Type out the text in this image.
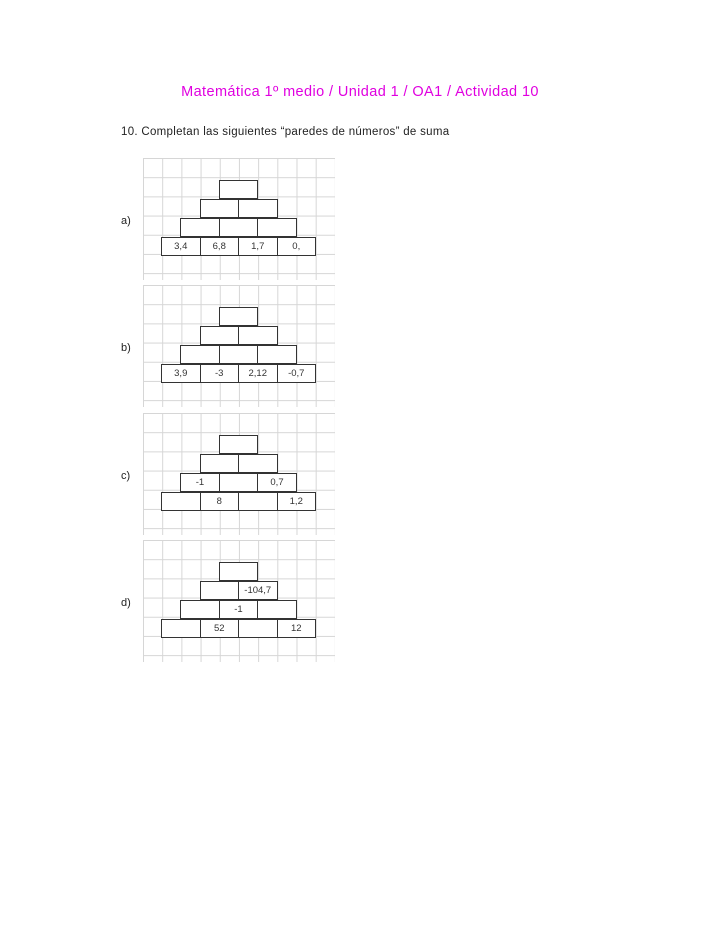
Matemática 1º medio / Unidad 1 / OA1 / Actividad 10
10. Completan las siguientes “paredes de números” de suma
a)
3,4	6,8	1,7	0,
b)
3,9	-3	2,12	-0,7
c)
-1	0,7
8	1,2
d)
-104,7
-1
52	12
